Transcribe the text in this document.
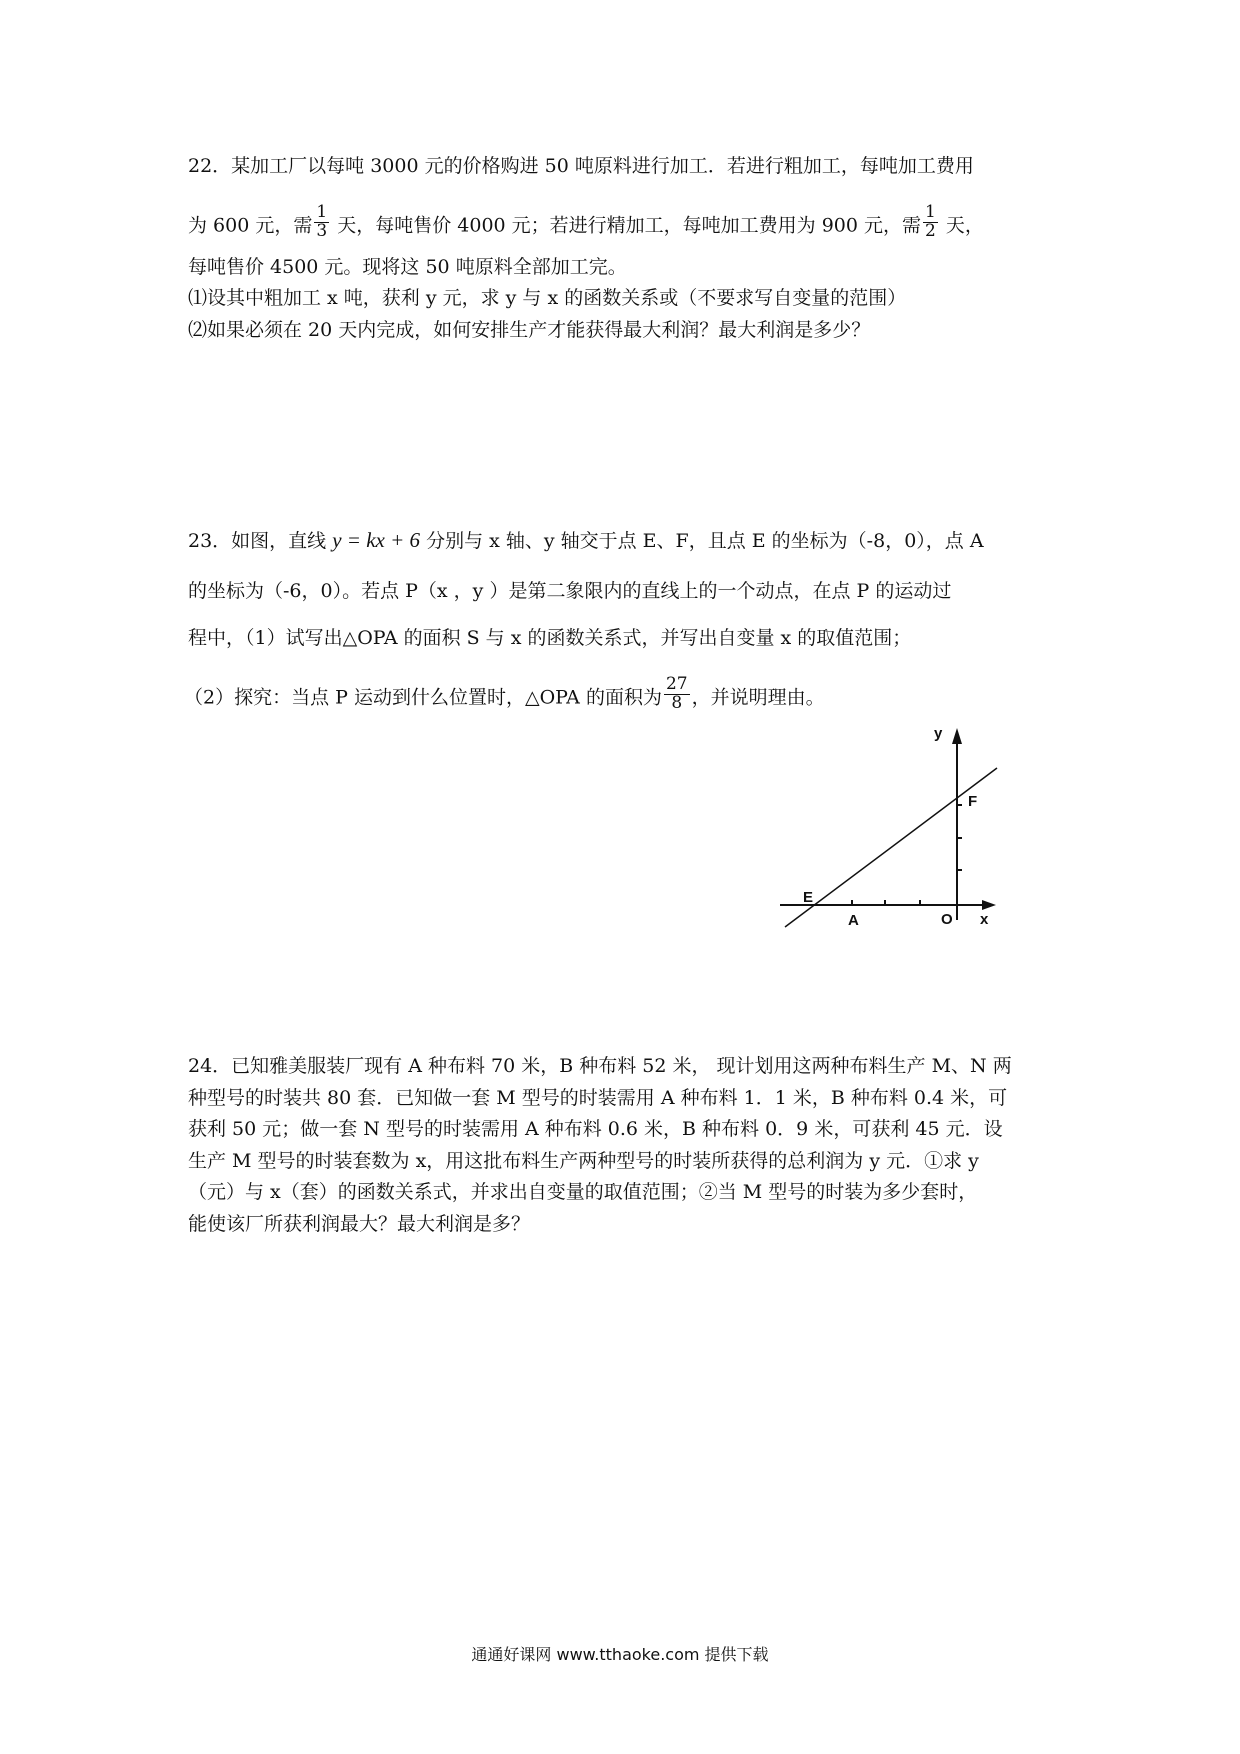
22．某加工厂以每吨 3000 元的价格购进 50 吨原料进行加工．若进行粗加工，每吨加工费用
为 600 元，需 $\frac{1}{3}$ 天，每吨售价 4000 元；若进行精加工，每吨加工费用为 900 元，需 $\frac{1}{2}$ 天，
每吨售价 4500 元。现将这 50 吨原料全部加工完。
⑴设其中粗加工 x 吨，获利 y 元，求 y 与 x 的函数关系或（不要求写自变量的范围）
⑵如果必须在 20 天内完成，如何安排生产才能获得最大利润？最大利润是多少？
23．如图，直线 y = kx + 6 分别与 x 轴、y 轴交于点 E、F，且点 E 的坐标为（-8，0），点 A
的坐标为（-6，0）。若点 P（x ，y ）是第二象限内的直线上的一个动点，在点 P 的运动过
程中，（1）试写出△OPA 的面积 S 与 x 的函数关系式，并写出自变量 x 的取值范围；
（2）探究：当点 P 运动到什么位置时，△OPA 的面积为 $\frac{27}{8}$ ，并说明理由。
y
F
E
A	O x
24．已知雅美服装厂现有 A 种布料 70 米，B 种布料 52 米， 现计划用这两种布料生产 M、N 两
种型号的时装共 80 套．已知做一套 M 型号的时装需用 A 种布料 1．1 米，B 种布料 0.4 米，可
获利 50 元；做一套 N 型号的时装需用 A 种布料 0.6 米，B 种布料 0．9 米，可获利 45 元．设
生产 M 型号的时装套数为 x，用这批布料生产两种型号的时装所获得的总利润为 y 元．①求 y
（元）与 x（套）的函数关系式，并求出自变量的取值范围；②当 M 型号的时装为多少套时，
能使该厂所获利润最大？最大利润是多？
通通好课网 www.tthaoke.com 提供下载
